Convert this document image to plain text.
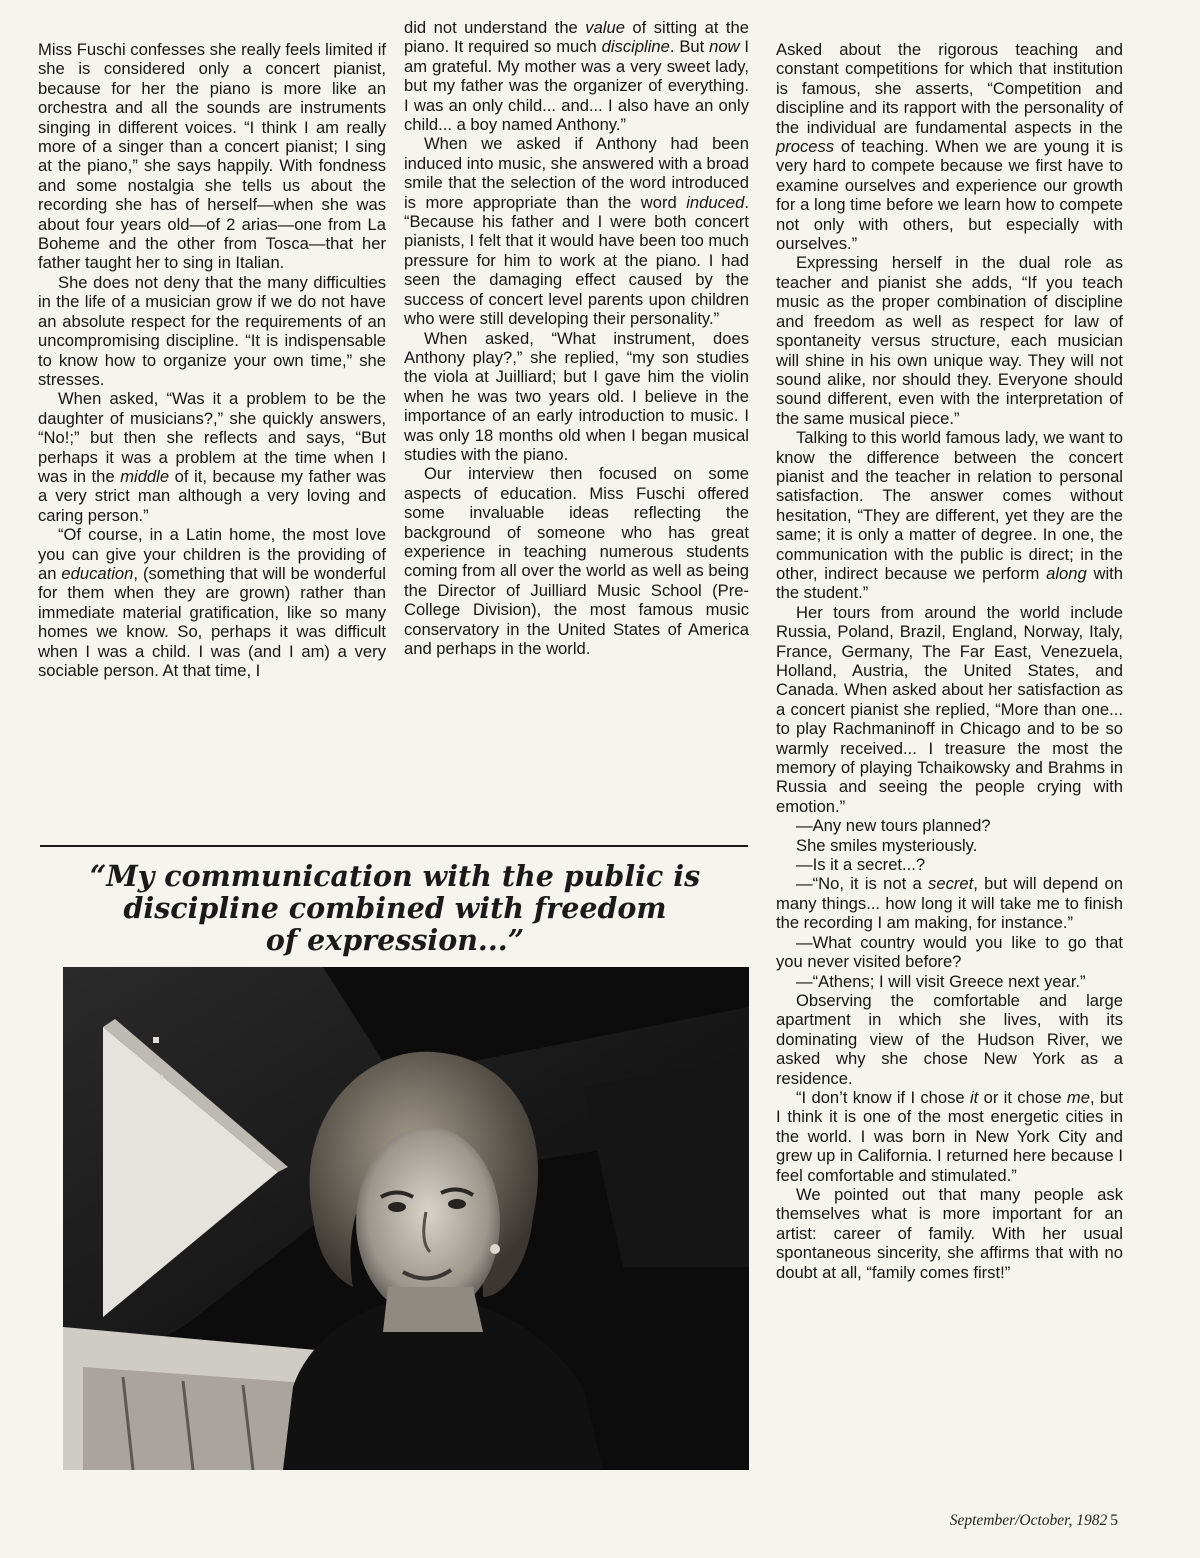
Miss Fuschi confesses she really feels limited if she is considered only a concert pianist, because for her the piano is more like an orchestra and all the sounds are instruments singing in different voices. “I think I am really more of a singer than a concert pianist; I sing at the piano,” she says happily. With fondness and some nostalgia she tells us about the recording she has of herself—when she was about four years old—of 2 arias—one from La Boheme and the other from Tosca—that her father taught her to sing in Italian.

She does not deny that the many difficulties in the life of a musician grow if we do not have an absolute respect for the requirements of an uncompromising discipline. “It is indispensable to know how to organize your own time,” she stresses.

When asked, “Was it a problem to be the daughter of musicians?,” she quickly answers, “No!;” but then she reflects and says, “But perhaps it was a problem at the time when I was in the middle of it, because my father was a very strict man although a very loving and caring person.”

“Of course, in a Latin home, the most love you can give your children is the providing of an education, (something that will be wonderful for them when they are grown) rather than immediate material gratification, like so many homes we know. So, perhaps it was difficult when I was a child. I was (and I am) a very sociable person. At that time, I

did not understand the value of sitting at the piano. It required so much discipline. But now I am grateful. My mother was a very sweet lady, but my father was the organizer of everything. I was an only child... and... I also have an only child... a boy named Anthony.”

When we asked if Anthony had been induced into music, she answered with a broad smile that the selection of the word introduced is more appropriate than the word induced. “Because his father and I were both concert pianists, I felt that it would have been too much pressure for him to work at the piano. I had seen the damaging effect caused by the success of concert level parents upon children who were still developing their personality.”

When asked, “What instrument, does Anthony play?,” she replied, “my son studies the viola at Juilliard; but I gave him the violin when he was two years old. I believe in the importance of an early introduction to music. I was only 18 months old when I began musical studies with the piano.

Our interview then focused on some aspects of education. Miss Fuschi offered some invaluable ideas reflecting the background of someone who has great experience in teaching numerous students coming from all over the world as well as being the Director of Juilliard Music School (Pre-College Division), the most famous music conservatory in the United States of America and perhaps in the world.

Asked about the rigorous teaching and constant competitions for which that institution is famous, she asserts, “Competition and discipline and its rapport with the personality of the individual are fundamental aspects in the process of teaching. When we are young it is very hard to compete because we first have to examine ourselves and experience our growth for a long time before we learn how to compete not only with others, but especially with ourselves.”

Expressing herself in the dual role as teacher and pianist she adds, “If you teach music as the proper combination of discipline and freedom as well as respect for law of spontaneity versus structure, each musician will shine in his own unique way. They will not sound alike, nor should they. Everyone should sound different, even with the interpretation of the same musical piece.”

Talking to this world famous lady, we want to know the difference between the concert pianist and the teacher in relation to personal satisfaction. The answer comes without hesitation, “They are different, yet they are the same; it is only a matter of degree. In one, the communication with the public is direct; in the other, indirect because we perform along with the student.”

Her tours from around the world include Russia, Poland, Brazil, England, Norway, Italy, France, Germany, The Far East, Venezuela, Holland, Austria, the United States, and Canada. When asked about her satisfaction as a concert pianist she replied, “More than one... to play Rachmaninoff in Chicago and to be so warmly received... I treasure the most the memory of playing Tchaikowsky and Brahms in Russia and seeing the people crying with emotion.”

—Any new tours planned?

She smiles mysteriously.

—Is it a secret...?

—“No, it is not a secret, but will depend on many things... how long it will take me to finish the recording I am making, for instance.”

—What country would you like to go that you never visited before?

—“Athens; I will visit Greece next year.”

Observing the comfortable and large apartment in which she lives, with its dominating view of the Hudson River, we asked why she chose New York as a residence.

“I don’t know if I chose it or it chose me, but I think it is one of the most energetic cities in the world. I was born in New York City and grew up in California. I returned here because I feel comfortable and stimulated.”

We pointed out that many people ask themselves what is more important for an artist: career of family. With her usual spontaneous sincerity, she affirms that with no doubt at all, “family comes first!”

“My communication with the public is
discipline combined with freedom
of expression...”
September/October, 1982 5
